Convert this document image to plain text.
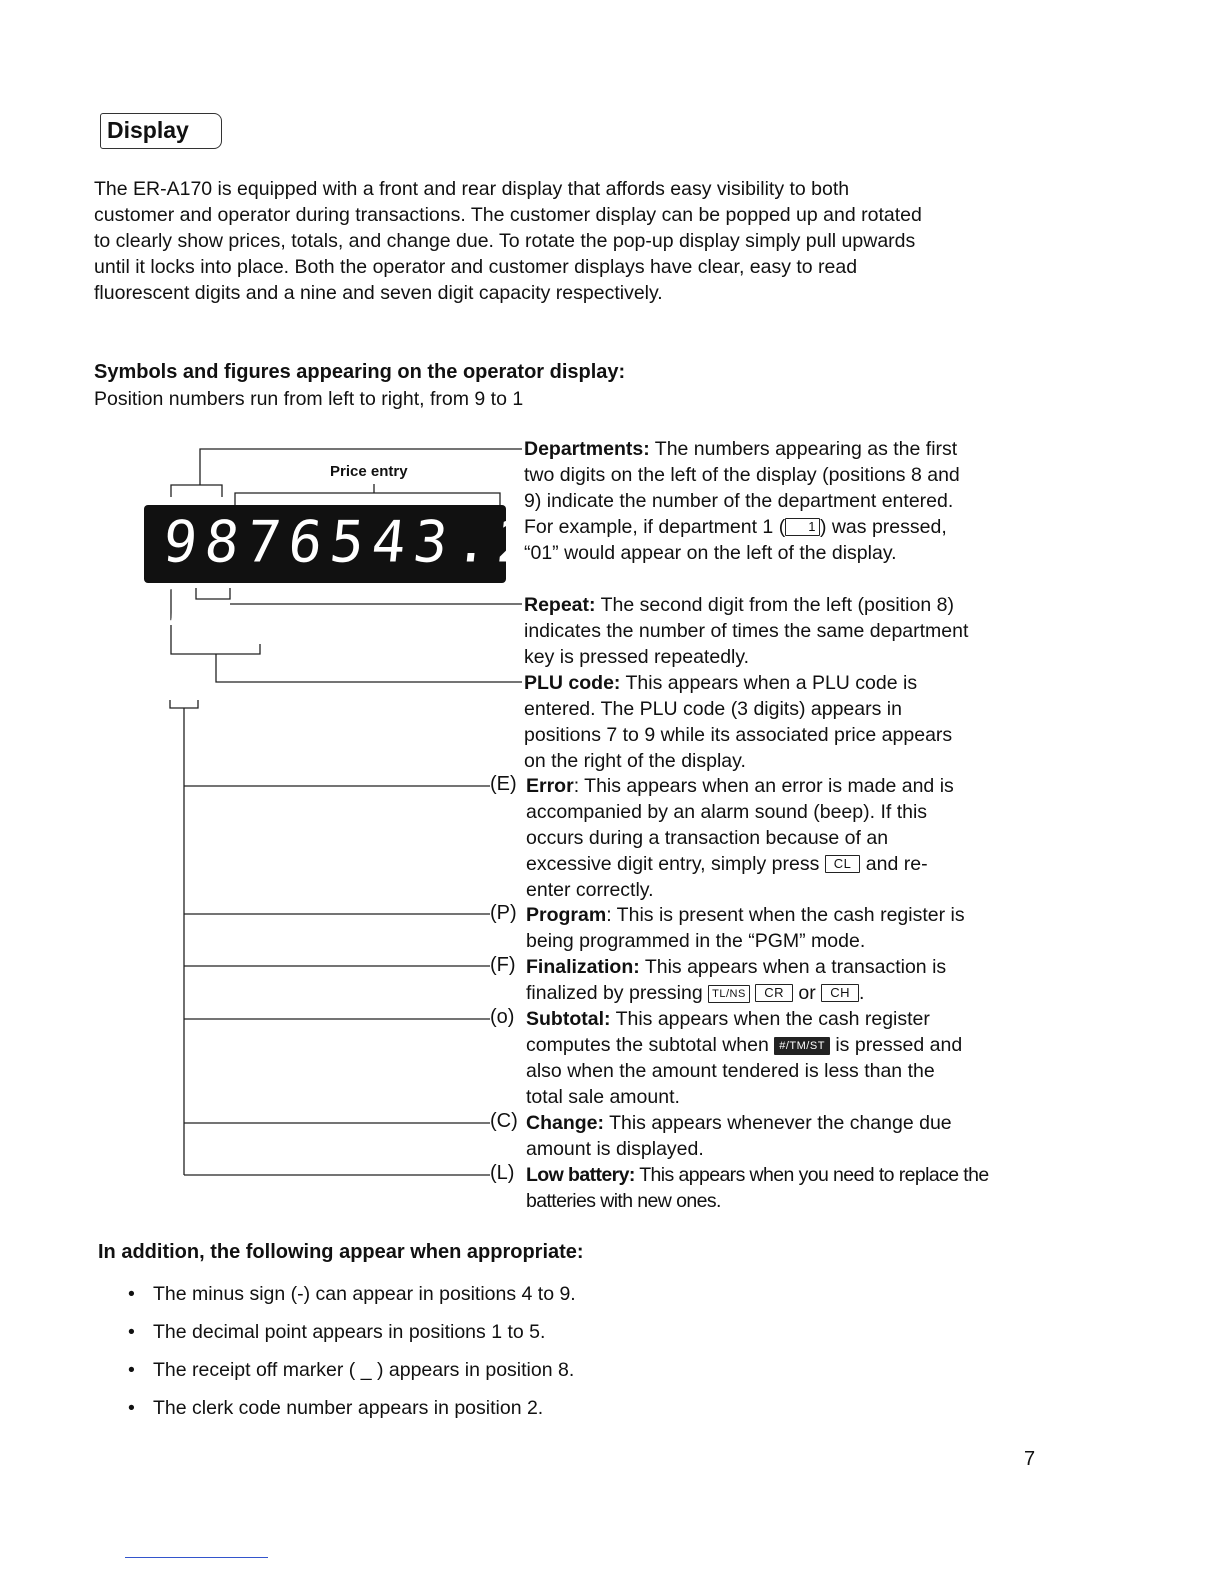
Display
The ER-A170 is equipped with a front and rear display that affords easy visibility to both
customer and operator during transactions. The customer display can be popped up and rotated
to clearly show prices, totals, and change due. To rotate the pop-up display simply pull upwards
until it locks into place. Both the operator and customer displays have clear, easy to read
fluorescent digits and a nine and seven digit capacity respectively.
Symbols and figures appearing on the operator display:
Position numbers run from left to right, from 9 to 1
9876543.2 1
Price entry
Departments: The numbers appearing as the first
two digits on the left of the display (positions 8 and
9) indicate the number of the department entered.
For example, if department 1 ( 1 ) was pressed,
“01” would appear on the left of the display.
Repeat: The second digit from the left (position 8)
indicates the number of times the same department
key is pressed repeatedly.
PLU code: This appears when a PLU code is
entered. The PLU code (3 digits) appears in
positions 7 to 9 while its associated price appears
on the right of the display.
(E)
(P)
(F)
(o)
(C)
(L)
Error: This appears when an error is made and is
accompanied by an alarm sound (beep). If this
occurs during a transaction because of an
excessive digit entry, simply press CL and re-
enter correctly.
Program: This is present when the cash register is
being programmed in the “PGM” mode.
Finalization: This appears when a transaction is
finalized by pressing TL/NS CR or CH .
Subtotal: This appears when the cash register
computes the subtotal when #/TM/ST is pressed and
also when the amount tendered is less than the
total sale amount.
Change: This appears whenever the change due
amount is displayed.
Low battery: This appears when you need to replace the
batteries with new ones.
In addition, the following appear when appropriate:
• The minus sign (-) can appear in positions 4 to 9.
• The decimal point appears in positions 1 to 5.
• The receipt off marker ( _ ) appears in position 8.
• The clerk code number appears in position 2.
7
